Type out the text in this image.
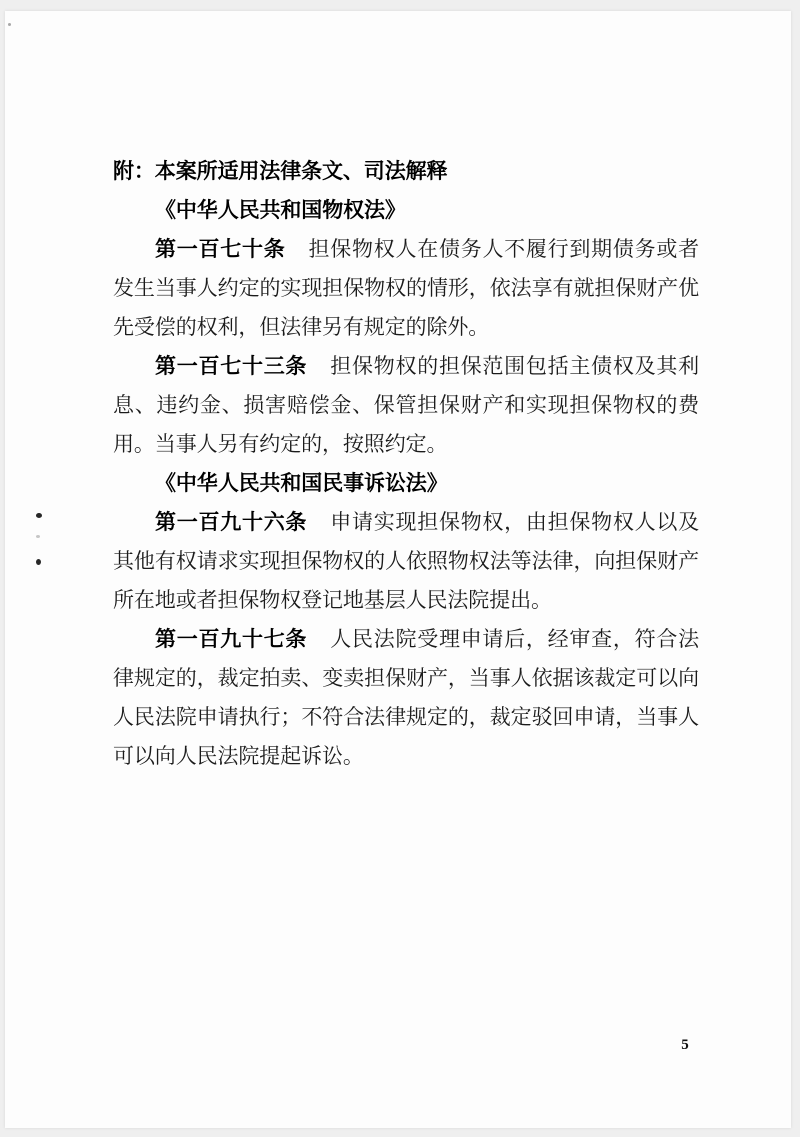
附：本案所适用法律条文、司法解释

《中华人民共和国物权法》

第一百七十条 担保物权人在债务人不履行到期债务或者发生当事人约定的实现担保物权的情形，依法享有就担保财产优先受偿的权利，但法律另有规定的除外。

第一百七十三条 担保物权的担保范围包括主债权及其利息、违约金、损害赔偿金、保管担保财产和实现担保物权的费用。当事人另有约定的，按照约定。

《中华人民共和国民事诉讼法》

第一百九十六条 申请实现担保物权，由担保物权人以及其他有权请求实现担保物权的人依照物权法等法律，向担保财产所在地或者担保物权登记地基层人民法院提出。

第一百九十七条 人民法院受理申请后，经审查，符合法律规定的，裁定拍卖、变卖担保财产，当事人依据该裁定可以向人民法院申请执行；不符合法律规定的，裁定驳回申请，当事人可以向人民法院提起诉讼。

5
